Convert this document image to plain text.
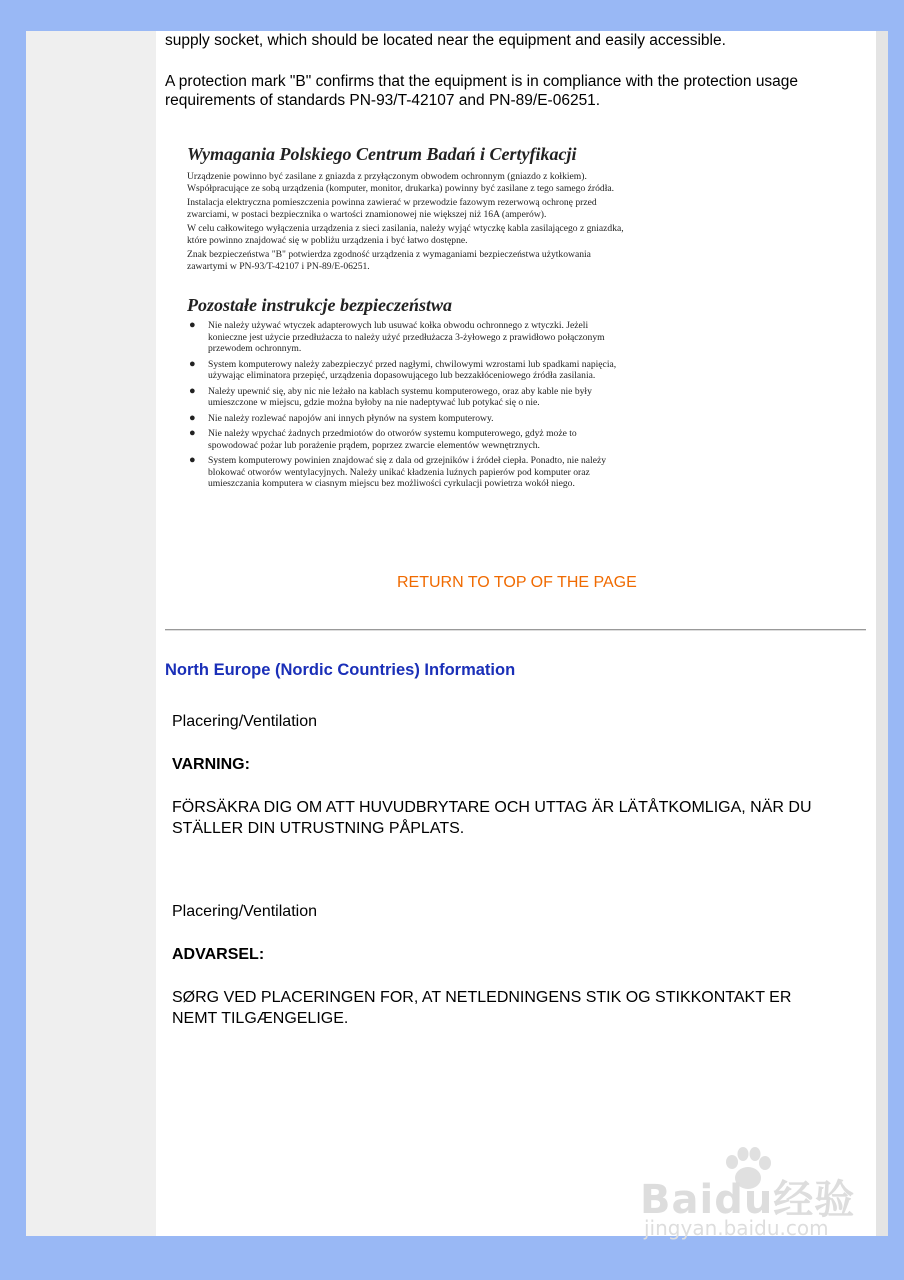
supply socket, which should be located near the equipment and easily accessible.

A protection mark "B" confirms that the equipment is in compliance with the protection usage requirements of standards PN-93/T-42107 and PN-89/E-06251.

Wymagania Polskiego Centrum Badań i Certyfikacji

Urządzenie powinno być zasilane z gniazda z przyłączonym obwodem ochronnym (gniazdo z kołkiem). Współpracujące ze sobą urządzenia (komputer, monitor, drukarka) powinny być zasilane z tego samego źródła.

Instalacja elektryczna pomieszczenia powinna zawierać w przewodzie fazowym rezerwową ochronę przed zwarciami, w postaci bezpiecznika o wartości znamionowej nie większej niż 16A (amperów).

W celu całkowitego wyłączenia urządzenia z sieci zasilania, należy wyjąć wtyczkę kabla zasilającego z gniazdka, które powinno znajdować się w pobliżu urządzenia i być łatwo dostępne.

Znak bezpieczeństwa "B" potwierdza zgodność urządzenia z wymaganiami bezpieczeństwa użytkowania zawartymi w PN-93/T-42107 i PN-89/E-06251.

Pozostałe instrukcje bezpieczeństwa
● Nie należy używać wtyczek adapterowych lub usuwać kołka obwodu ochronnego z wtyczki. Jeżeli konieczne jest użycie przedłużacza to należy użyć przedłużacza 3-żyłowego z prawidłowo połączonym przewodem ochronnym.
● System komputerowy należy zabezpieczyć przed nagłymi, chwilowymi wzrostami lub spadkami napięcia, używając eliminatora przepięć, urządzenia dopasowującego lub bezzakłóceniowego źródła zasilania.
● Należy upewnić się, aby nic nie leżało na kablach systemu komputerowego, oraz aby kable nie były umieszczone w miejscu, gdzie można byłoby na nie nadeptywać lub potykać się o nie.
● Nie należy rozlewać napojów ani innych płynów na system komputerowy.
● Nie należy wpychać żadnych przedmiotów do otworów systemu komputerowego, gdyż może to spowodować pożar lub porażenie prądem, poprzez zwarcie elementów wewnętrznych.
● System komputerowy powinien znajdować się z dala od grzejników i źródeł ciepła. Ponadto, nie należy blokować otworów wentylacyjnych. Należy unikać kładzenia luźnych papierów pod komputer oraz umieszczania komputera w ciasnym miejscu bez możliwości cyrkulacji powietrza wokół niego.
RETURN TO TOP OF THE PAGE
North Europe (Nordic Countries) Information
Placering/Ventilation
VARNING:
FÖRSÄKRA DIG OM ATT HUVUDBRYTARE OCH UTTAG ÄR LÄTÅTKOMLIGA, NÄR DU STÄLLER DIN UTRUSTNING PÅPLATS.
Placering/Ventilation
ADVARSEL:
SØRG VED PLACERINGEN FOR, AT NETLEDNINGENS STIK OG STIKKONTAKT ER NEMT TILGÆNGELIGE.
Baidu经验
jingyan.baidu.com
